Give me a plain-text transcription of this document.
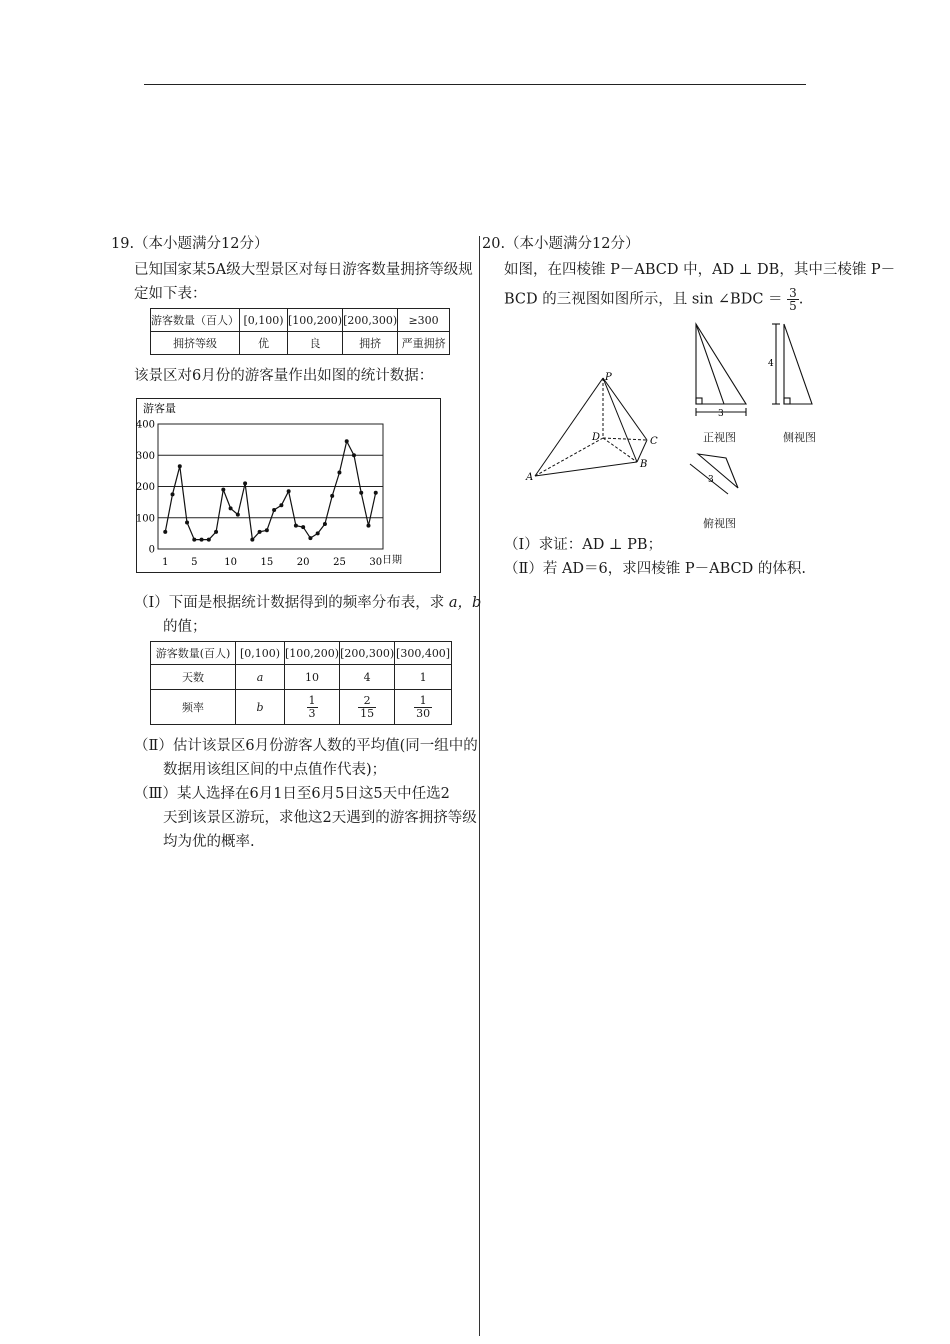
19.（本小题满分12分）
已知国家某5A级大型景区对每日游客数量拥挤等级规
定如下表：
游客数量（百人）	[0,100)	[100,200)	[200,300)	≥300
拥挤等级	优	良	拥挤	严重拥挤
该景区对6月份的游客量作出如图的统计数据：
400
300
200
100
0
1 5	10 15 20 25 30
游客量
日期
（Ⅰ）下面是根据统计数据得到的频率分布表，求 a，b
的值；
游客数量(百人)	[0,100)	[100,200)	[200,300)	[300,400]
天数	a	10	4	1
频率	b	$\frac{1}{3}$	$\frac{2}{15}$	$\frac{1}{30}$
（Ⅱ）估计该景区6月份游客人数的平均值(同一组中的
数据用该组区间的中点值作代表)；
（Ⅲ）某人选择在6月1日至6月5日这5天中任选2
天到该景区游玩，求他这2天遇到的游客拥挤等级
均为优的概率.
20.（本小题满分12分）
如图，在四棱锥 P－ABCD 中，AD ⊥ DB，其中三棱锥 P－
BCD 的三视图如图所示，且 sin ∠BDC ＝ $\frac{3}{5}$ .
P
A
B
C
D
3
正视图
4
侧视图
3
俯视图
（Ⅰ）求证：AD ⊥ PB；
（Ⅱ）若 AD＝6，求四棱锥 P－ABCD 的体积.
